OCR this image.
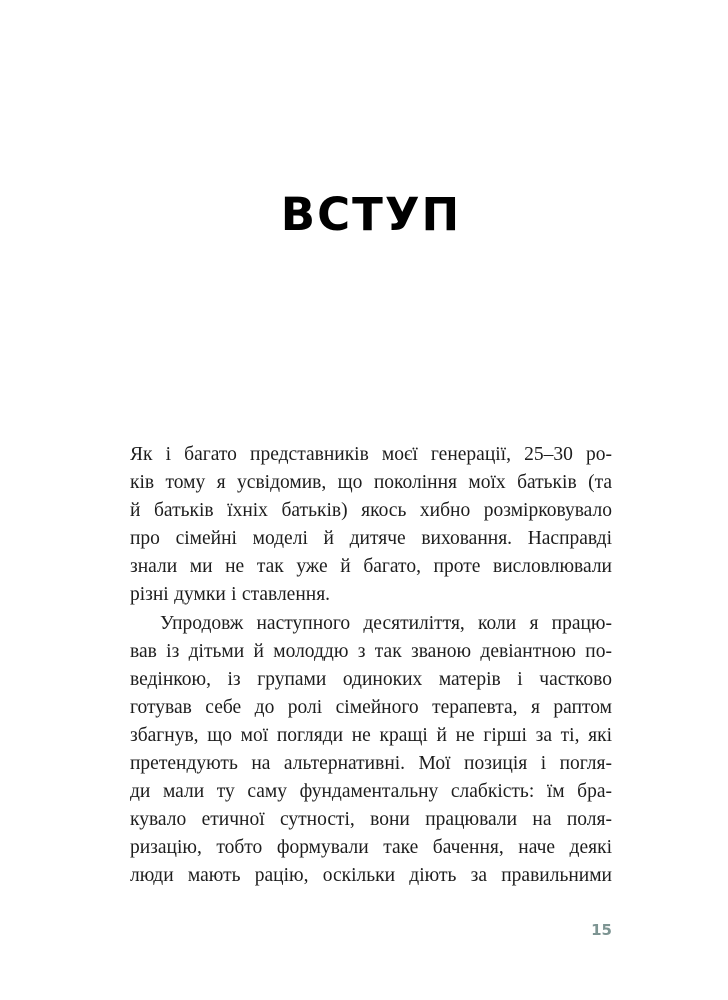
ВСТУП
Як і багато представників моєї генерації, 25–30 ро-
ків тому я усвідомив, що покоління моїх батьків (та
й батьків їхніх батьків) якось хибно розмірковувало
про сімейні моделі й дитяче виховання. Насправді
знали ми не так уже й багато, проте висловлювали
різні думки і ставлення.
Упродовж наступного десятиліття, коли я працю-
вав із дітьми й молоддю з так званою девіантною по-
ведінкою, із групами одиноких матерів і частково
готував себе до ролі сімейного терапевта, я раптом
збагнув, що мої погляди не кращі й не гірші за ті, які
претендують на альтернативні. Мої позиція і погля-
ди мали ту саму фундаментальну слабкість: їм бра-
кувало етичної сутності, вони працювали на поля-
ризацію, тобто формували таке бачення, наче деякі
люди мають рацію, оскільки діють за правильними
15
